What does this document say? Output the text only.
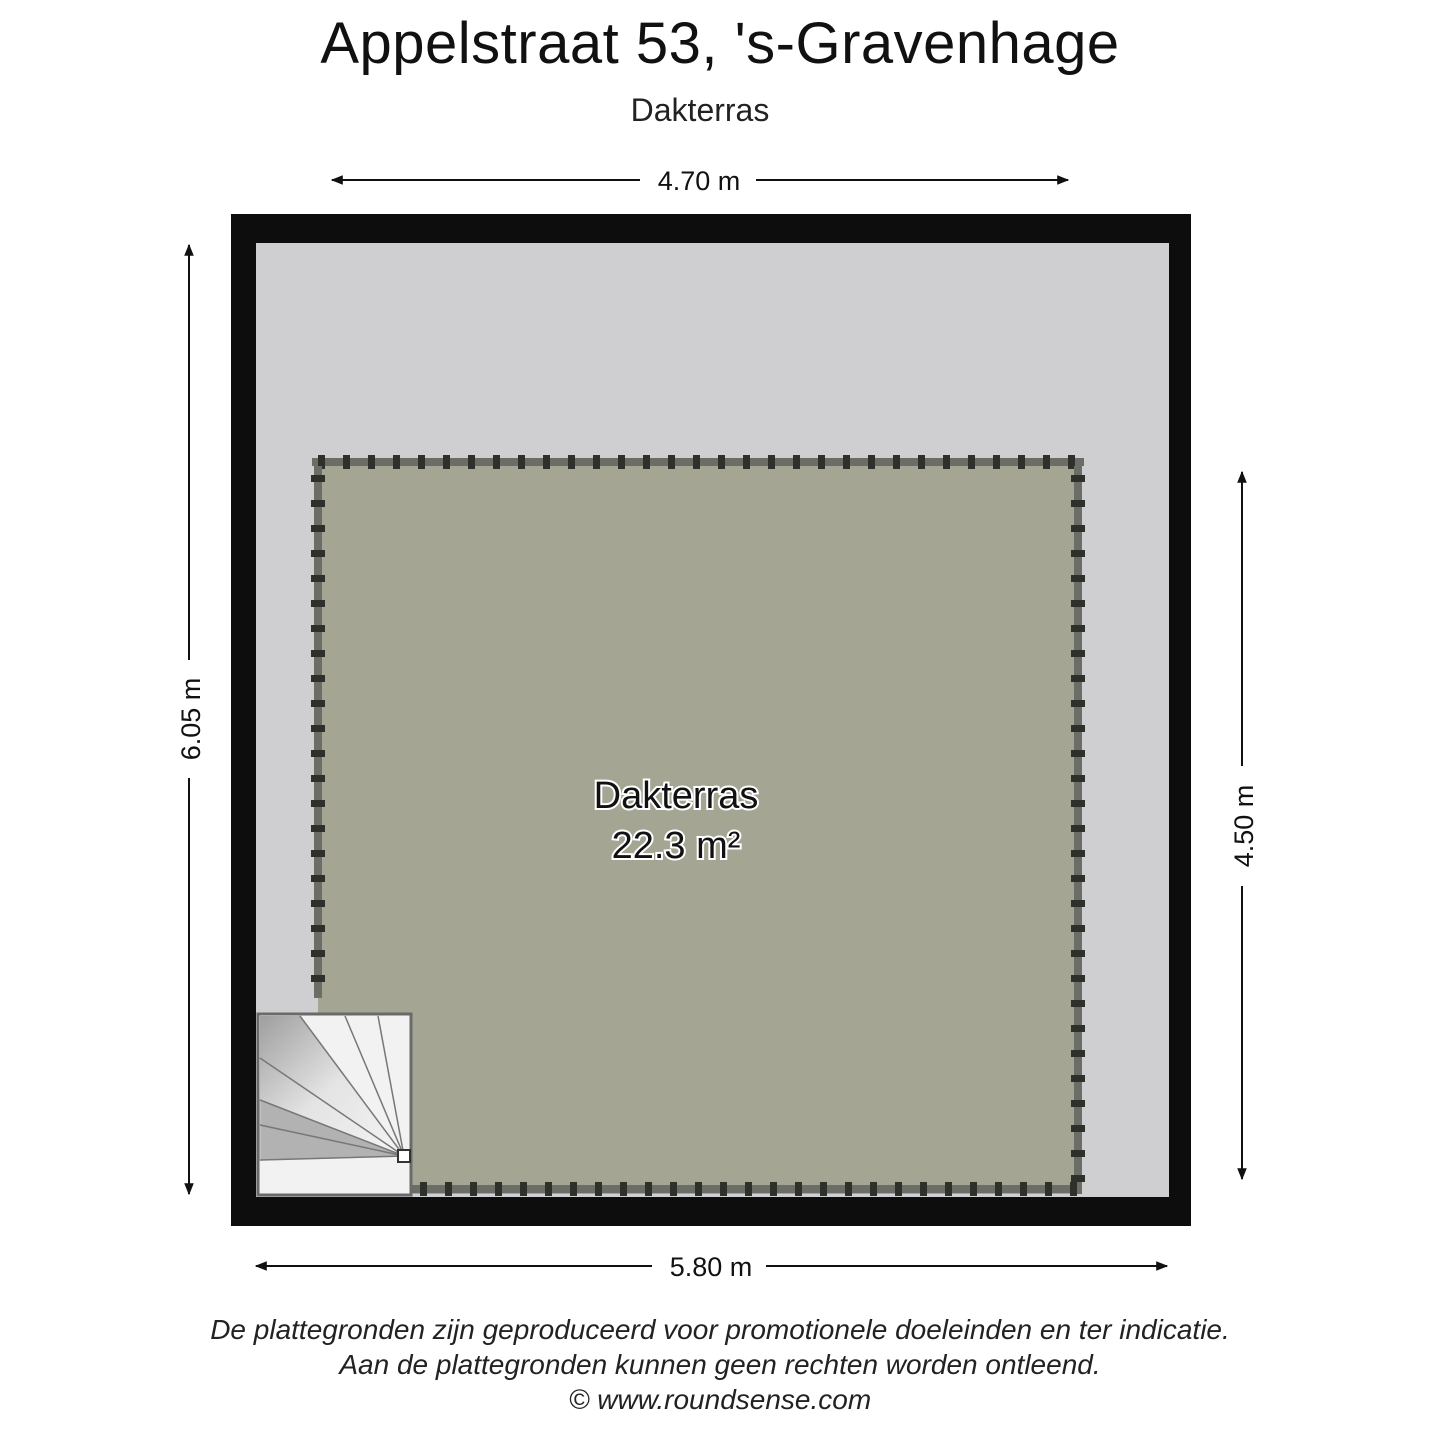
Appelstraat 53, 's-Gravenhage
Dakterras
4.70 m
6.05 m
4.50 m
5.80 m
Dakterras
22.3 m²
De plattegronden zijn geproduceerd voor promotionele doeleinden en ter indicatie.
Aan de plattegronden kunnen geen rechten worden ontleend.
© www.roundsense.com
